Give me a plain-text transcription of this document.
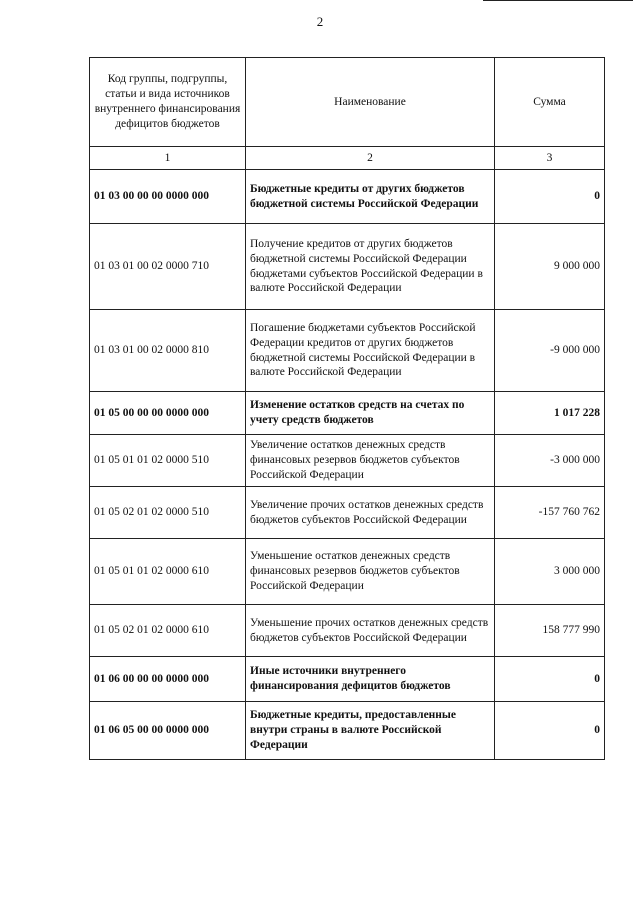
2
Код группы, подгруппы, статьи и вида источников внутреннего финансирования дефицитов бюджетов	Наименование	Сумма
1	2	3
01 03 00 00 00 0000 000	Бюджетные кредиты от других бюджетов бюджетной системы Российской Федерации	0
01 03 01 00 02 0000 710	Получение кредитов от других бюджетов бюджетной системы Российской Федерации бюджетами субъектов Российской Федерации в валюте Российской Федерации	9 000 000
01 03 01 00 02 0000 810	Погашение бюджетами субъектов Российской Федерации кредитов от других бюджетов бюджетной системы Российской Федерации в валюте Российской Федерации	-9 000 000
01 05 00 00 00 0000 000	Изменение остатков средств на счетах по учету средств бюджетов	1 017 228
01 05 01 01 02 0000 510	Увеличение остатков денежных средств финансовых резервов бюджетов субъектов Российской Федерации	-3 000 000
01 05 02 01 02 0000 510	Увеличение прочих остатков денежных средств бюджетов субъектов Российской Федерации	-157 760 762
01 05 01 01 02 0000 610	Уменьшение остатков денежных средств финансовых резервов бюджетов субъектов Российской Федерации	3 000 000
01 05 02 01 02 0000 610	Уменьшение прочих остатков денежных средств бюджетов субъектов Российской Федерации	158 777 990
01 06 00 00 00 0000 000	Иные источники внутреннего финансирования дефицитов бюджетов	0
01 06 05 00 00 0000 000	Бюджетные кредиты, предоставленные внутри страны в валюте Российской Федерации	0
